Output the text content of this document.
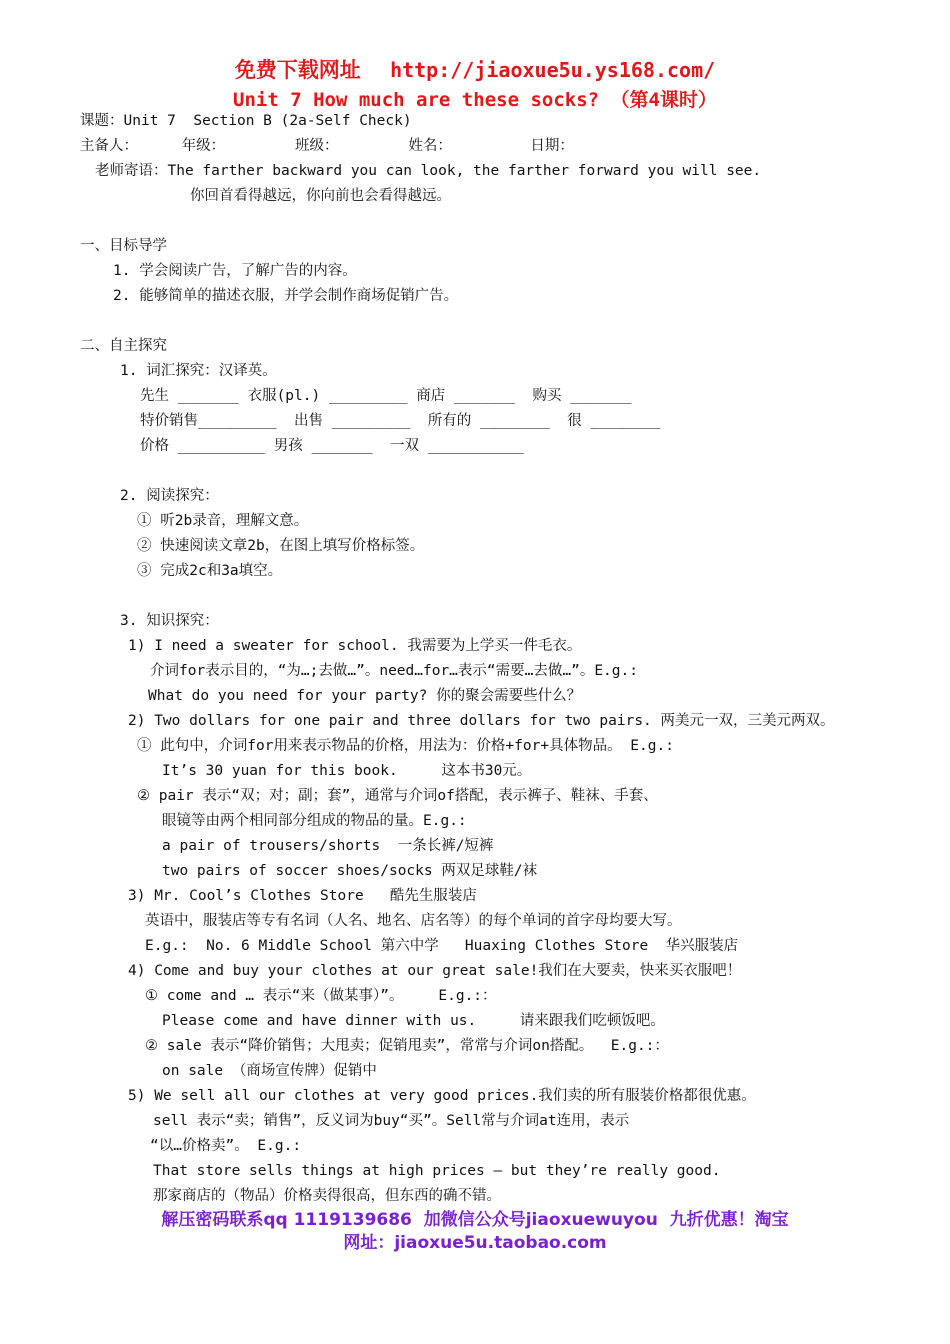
免费下载网址 http://jiaoxue5u.ys168.com/
Unit 7 How much are these socks? （第4课时）
课题：Unit 7  Section B (2a-Self Check)
主备人：     年级：        班级：        姓名：         日期：
老师寄语：The farther backward you can look, the farther forward you will see.
你回首看得越远，你向前也会看得越远。
一、目标导学
1. 学会阅读广告，了解广告的内容。
2. 能够简单的描述衣服，并学会制作商场促销广告。
二、自主探究
1. 词汇探究：汉译英。
先生 _______ 衣服(pl.) _________ 商店 _______  购买 _______
特价销售_________  出售 _________  所有的 ________  很 ________
价格 __________ 男孩 _______  一双 ___________
2. 阅读探究：
① 听2b录音，理解文意。
② 快速阅读文章2b，在图上填写价格标签。
③ 完成2c和3a填空。
3. 知识探究：
1) I need a sweater for school. 我需要为上学买一件毛衣。
介词for表示目的，“为…;去做…”。need…for…表示“需要…去做…”。E.g.:
What do you need for your party? 你的聚会需要些什么？
2) Two dollars for one pair and three dollars for two pairs. 两美元一双，三美元两双。
① 此句中，介词for用来表示物品的价格，用法为：价格+for+具体物品。 E.g.:
It’s 30 yuan for this book.     这本书30元。
② pair 表示“双；对；副；套”，通常与介词of搭配，表示裤子、鞋袜、手套、
眼镜等由两个相同部分组成的物品的量。E.g.:
a pair of trousers/shorts  一条长裤/短裤
two pairs of soccer shoes/socks 两双足球鞋/袜
3) Mr. Cool’s Clothes Store   酷先生服装店
英语中，服装店等专有名词（人名、地名、店名等）的每个单词的首字母均要大写。
E.g.:  No. 6 Middle School 第六中学   Huaxing Clothes Store  华兴服装店
4) Come and buy your clothes at our great sale!我们在大要卖，快来买衣服吧！
① come and … 表示“来（做某事）”。    E.g.:：
Please come and have dinner with us.     请来跟我们吃顿饭吧。
② sale 表示“降价销售；大甩卖；促销甩卖”，常常与介词on搭配。  E.g.:：
on sale （商场宣传牌）促销中
5) We sell all our clothes at very good prices.我们卖的所有服装价格都很优惠。
sell 表示“卖；销售”，反义词为buy“买”。Sell常与介词at连用，表示
“以…价格卖”。 E.g.:
That store sells things at high prices — but they’re really good.
那家商店的（物品）价格卖得很高，但东西的确不错。
解压密码联系qq 1119139686  加微信公众号jiaoxuewuyou  九折优惠！淘宝
网址：jiaoxue5u.taobao.com
